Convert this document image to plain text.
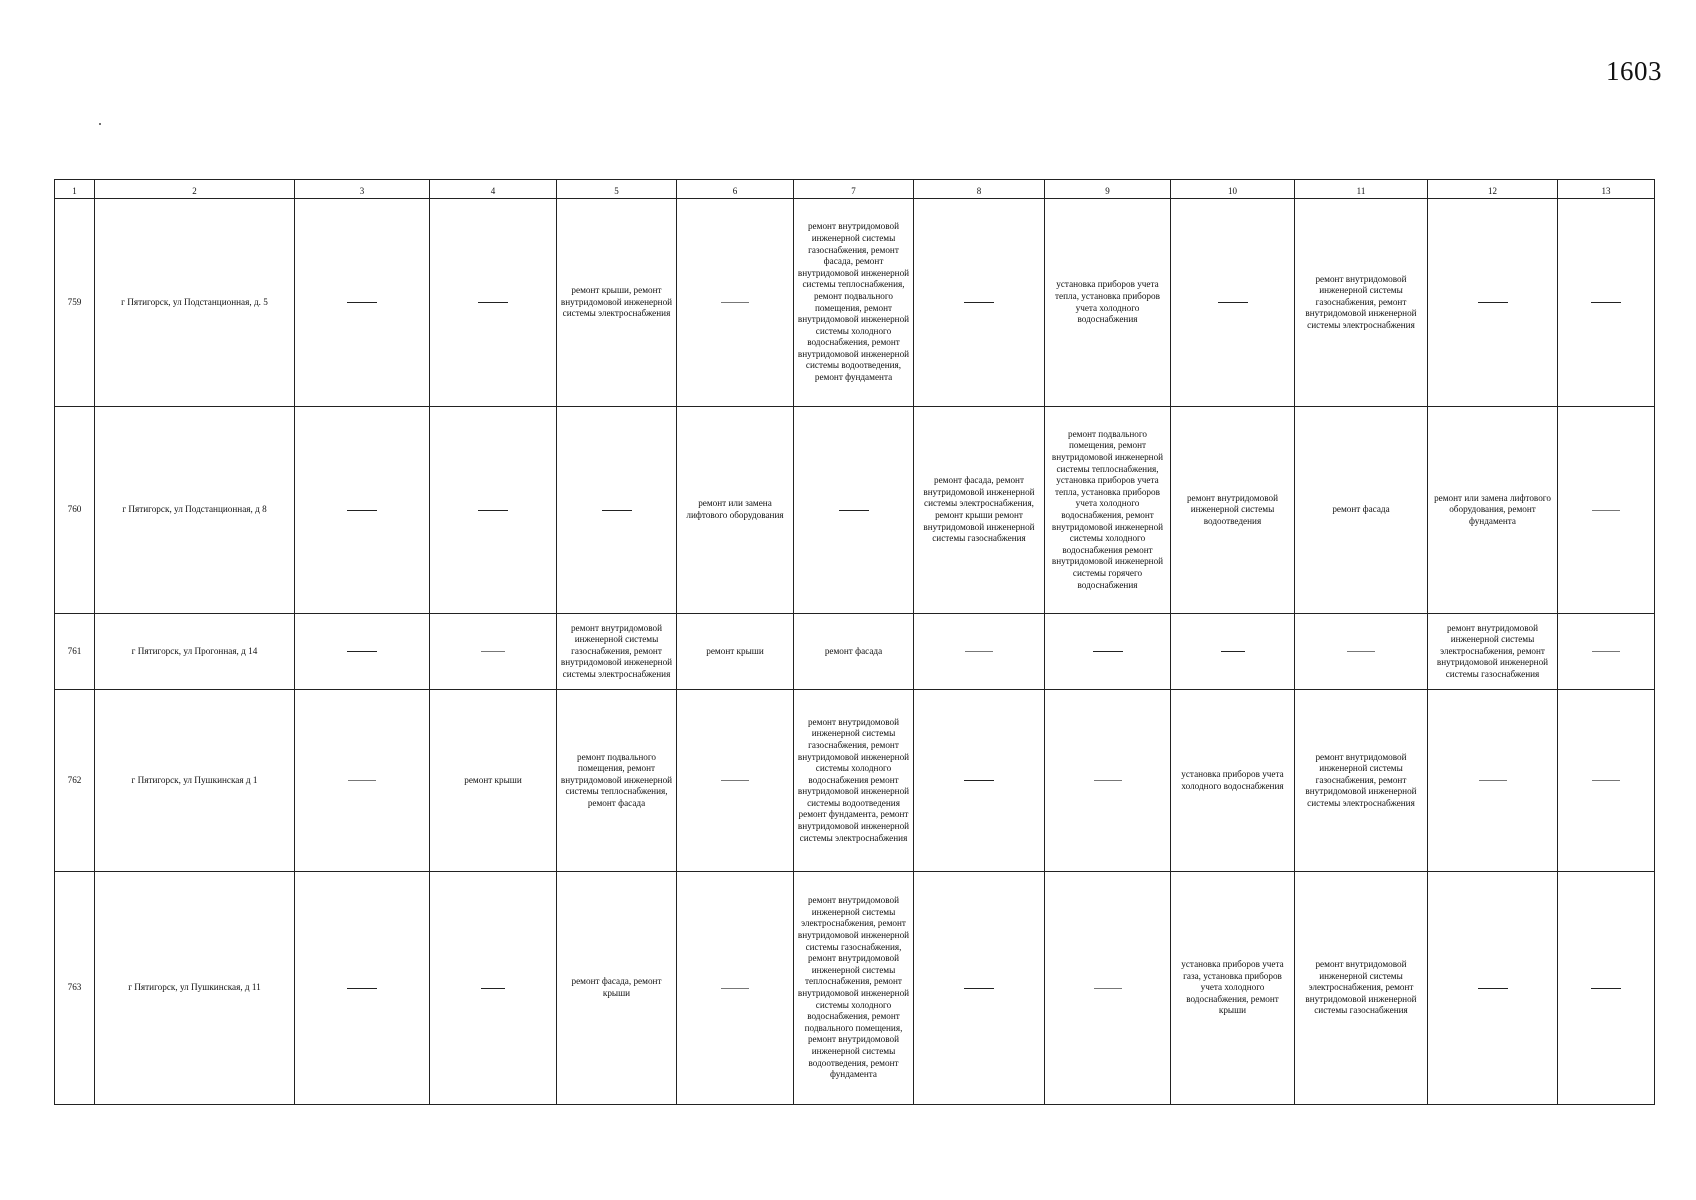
1603
1	2	3	4	5	6	7	8	9	10	11	12	13
759	г Пятигорск, ул Подстанционная, д. 5			ремонт крыши, ремонт внутридомовой инженерной системы электроснабжения		ремонт внутридомовой инженерной системы газоснабжения, ремонт фасада, ремонт внутридомовой инженерной системы теплоснабжения, ремонт подвального помещения, ремонт внутридомовой инженерной системы холодного водоснабжения, ремонт внутридомовой инженерной системы водоотведения, ремонт фундамента		установка приборов учета тепла, установка приборов учета холодного водоснабжения		ремонт внутридомовой инженерной системы газоснабжения, ремонт внутридомовой инженерной системы электроснабжения		
760	г Пятигорск, ул Подстанционная, д 8				ремонт или замена лифтового оборудования		ремонт фасада, ремонт внутридомовой инженерной системы электроснабжения, ремонт крыши ремонт внутридомовой инженерной системы газоснабжения	ремонт подвального помещения, ремонт внутридомовой инженерной системы теплоснабжения, установка приборов учета тепла, установка приборов учета холодного водоснабжения, ремонт внутридомовой инженерной системы холодного водоснабжения ремонт внутридомовой инженерной системы горячего водоснабжения	ремонт внутридомовой инженерной системы водоотведения	ремонт фасада	ремонт или замена лифтового оборудования, ремонт фундамента	
761	г Пятигорск, ул Прогонная, д 14			ремонт внутридомовой инженерной системы газоснабжения, ремонт внутридомовой инженерной системы электроснабжения	ремонт крыши	ремонт фасада					ремонт внутридомовой инженерной системы электроснабжения, ремонт внутридомовой инженерной системы газоснабжения	
762	г Пятигорск, ул Пушкинская д 1		ремонт крыши	ремонт подвального помещения, ремонт внутридомовой инженерной системы теплоснабжения, ремонт фасада		ремонт внутридомовой инженерной системы газоснабжения, ремонт внутридомовой инженерной системы холодного водоснабжения ремонт внутридомовой инженерной системы водоотведения ремонт фундамента, ремонт внутридомовой инженерной системы электроснабжения			установка приборов учета холодного водоснабжения	ремонт внутридомовой инженерной системы газоснабжения, ремонт внутридомовой инженерной системы электроснабжения		
763	г Пятигорск, ул Пушкинская, д 11			ремонт фасада, ремонт крыши		ремонт внутридомовой инженерной системы электроснабжения, ремонт внутридомовой инженерной системы газоснабжения, ремонт внутридомовой инженерной системы теплоснабжения, ремонт внутридомовой инженерной системы холодного водоснабжения, ремонт подвального помещения, ремонт внутридомовой инженерной системы водоотведения, ремонт фундамента			установка приборов учета газа, установка приборов учета холодного водоснабжения, ремонт крыши	ремонт внутридомовой инженерной системы электроснабжения, ремонт внутридомовой инженерной системы газоснабжения		
